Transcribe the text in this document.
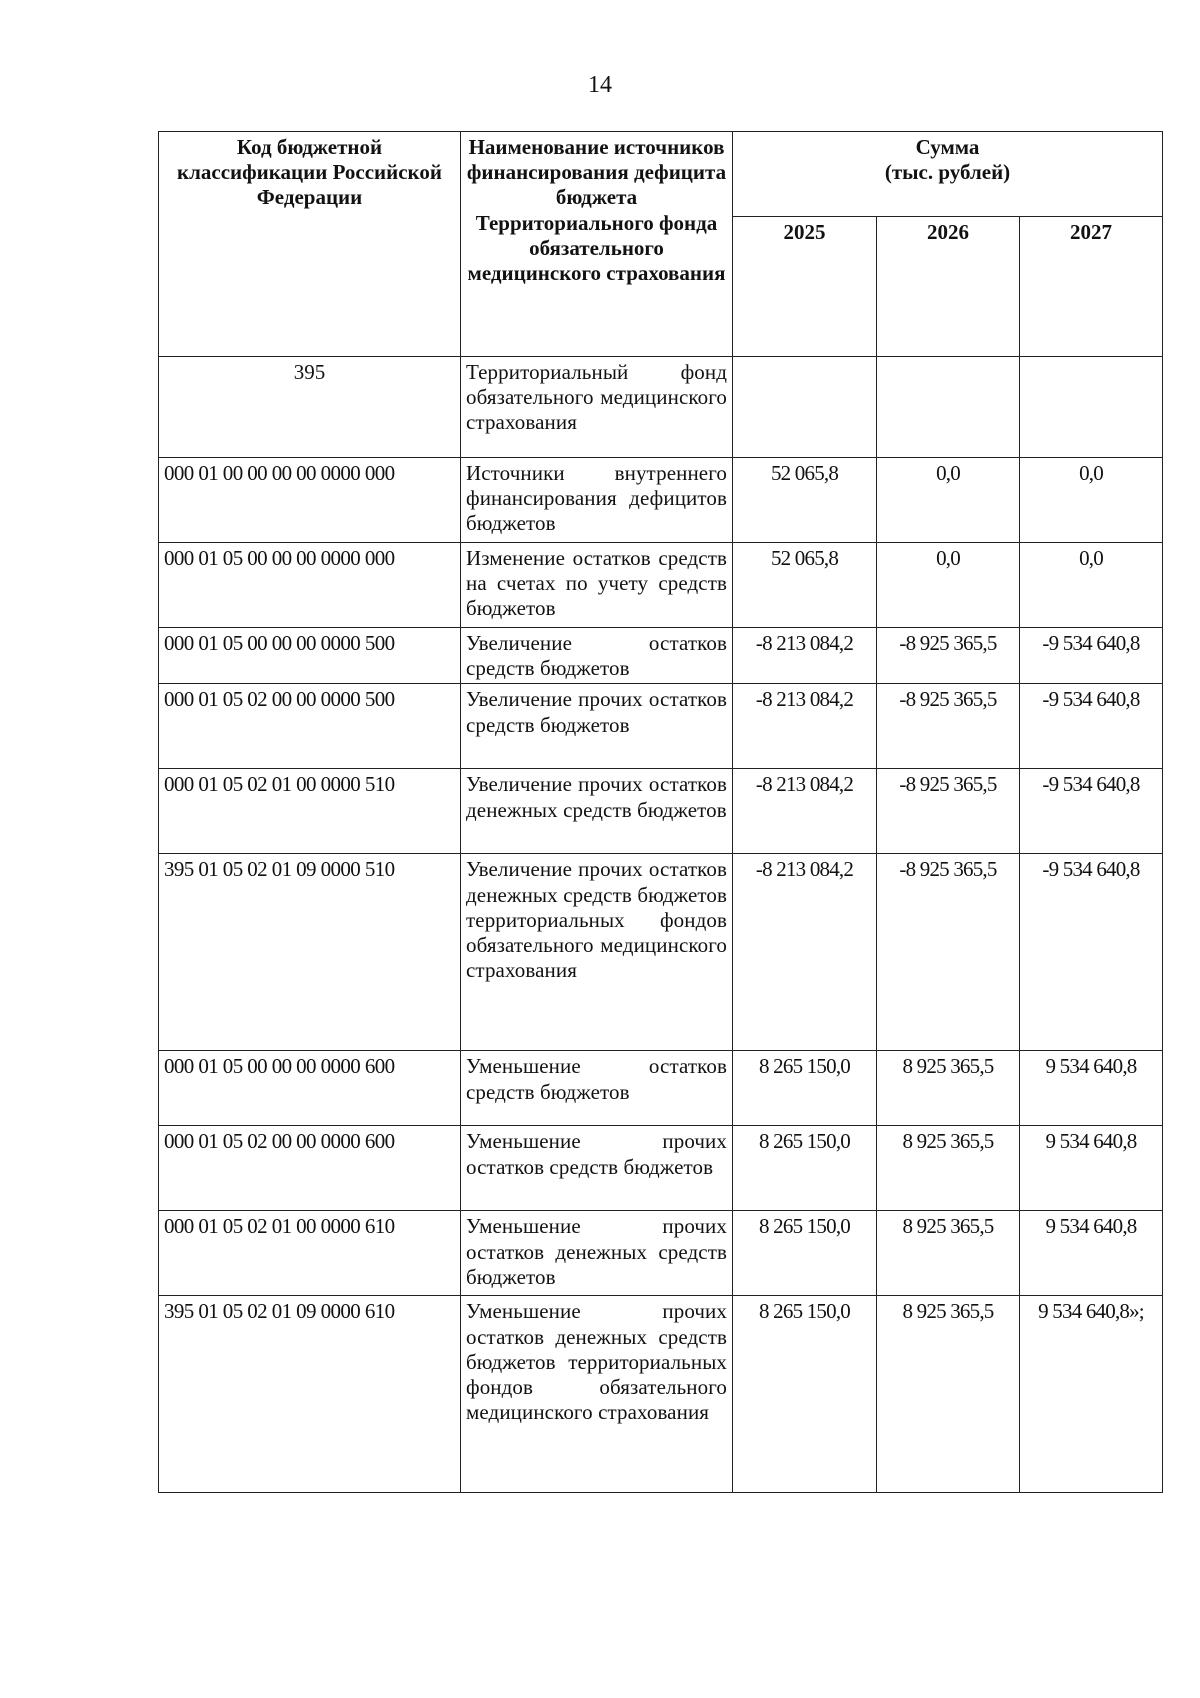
14
Код бюджетной классификации Российской Федерации	Наименование источников финансирования дефицита бюджета Территориального фонда обязательного медицинского страхования	Сумма
(тыс. рублей)		
		2025	2026	2027
395	Территориальный фонд обязательного медицинского страхования			
000 01 00 00 00 00 0000 000	Источники внутреннего финансирования дефицитов бюджетов	52 065,8	0,0	0,0
000 01 05 00 00 00 0000 000	Изменение остатков средств на счетах по учету средств бюджетов	52 065,8	0,0	0,0
000 01 05 00 00 00 0000 500	Увеличение остатков средств бюджетов	-8 213 084,2	-8 925 365,5	-9 534 640,8
000 01 05 02 00 00 0000 500	Увеличение прочих остатков средств бюджетов	-8 213 084,2	-8 925 365,5	-9 534 640,8
000 01 05 02 01 00 0000 510	Увеличение прочих остатков денежных средств бюджетов	-8 213 084,2	-8 925 365,5	-9 534 640,8
395 01 05 02 01 09 0000 510	Увеличение прочих остатков денежных средств бюджетов территориальных фондов обязательного медицинского страхования	-8 213 084,2	-8 925 365,5	-9 534 640,8
000 01 05 00 00 00 0000 600	Уменьшение остатков средств бюджетов	8 265 150,0	8 925 365,5	9 534 640,8
000 01 05 02 00 00 0000 600	Уменьшение прочих остатков средств бюджетов	8 265 150,0	8 925 365,5	9 534 640,8
000 01 05 02 01 00 0000 610	Уменьшение прочих остатков денежных средств бюджетов	8 265 150,0	8 925 365,5	9 534 640,8
395 01 05 02 01 09 0000 610	Уменьшение прочих остатков денежных средств бюджетов территориальных фондов обязательного медицинского страхования	8 265 150,0	8 925 365,5	9 534 640,8»;
